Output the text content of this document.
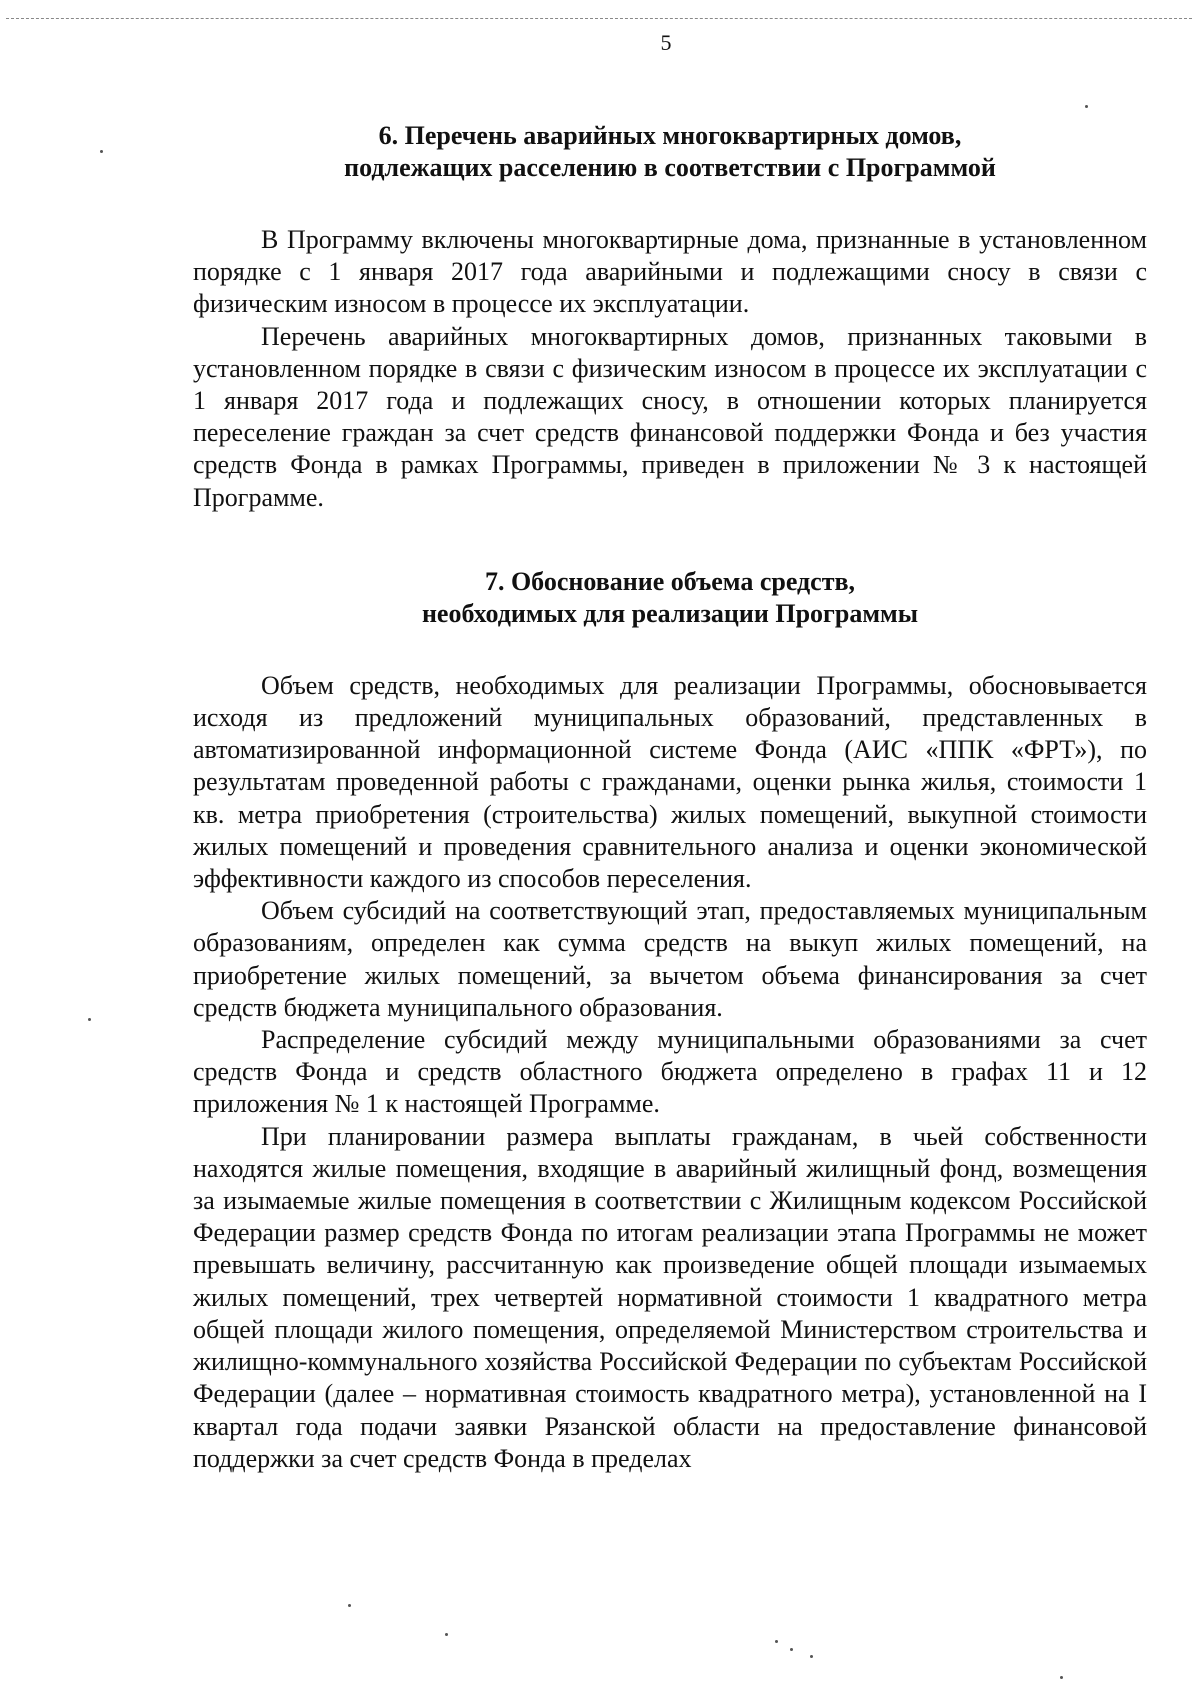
5
6. Перечень аварийных многоквартирных домов,
подлежащих расселению в соответствии с Программой

В Программу включены многоквартирные дома, признанные в установленном порядке с 1 января 2017 года аварийными и подлежащими сносу в связи с физическим износом в процессе их эксплуатации.

Перечень аварийных многоквартирных домов, признанных таковыми в установленном порядке в связи с физическим износом в процессе их эксплуатации с 1 января 2017 года и подлежащих сносу, в отношении которых планируется переселение граждан за счет средств финансовой поддержки Фонда и без участия средств Фонда в рамках Программы, приведен в приложении № 3 к настоящей Программе.

7. Обоснование объема средств,
необходимых для реализации Программы

Объем средств, необходимых для реализации Программы, обосновывается исходя из предложений муниципальных образований, представленных в автоматизированной информационной системе Фонда (АИС «ППК «ФРТ»), по результатам проведенной работы с гражданами, оценки рынка жилья, стоимости 1 кв. метра приобретения (строительства) жилых помещений, выкупной стоимости жилых помещений и проведения сравнительного анализа и оценки экономической эффективности каждого из способов переселения.

Объем субсидий на соответствующий этап, предоставляемых муниципальным образованиям, определен как сумма средств на выкуп жилых помещений, на приобретение жилых помещений, за вычетом объема финансирования за счет средств бюджета муниципального образования.

Распределение субсидий между муниципальными образованиями за счет средств Фонда и средств областного бюджета определено в графах 11 и 12 приложения № 1 к настоящей Программе.

При планировании размера выплаты гражданам, в чьей собственности находятся жилые помещения, входящие в аварийный жилищный фонд, возмещения за изымаемые жилые помещения в соответствии с Жилищным кодексом Российской Федерации размер средств Фонда по итогам реализации этапа Программы не может превышать величину, рассчитанную как произведение общей площади изымаемых жилых помещений, трех четвертей нормативной стоимости 1 квадратного метра общей площади жилого помещения, определяемой Министерством строительства и жилищно-коммунального хозяйства Российской Федерации по субъектам Российской Федерации (далее – нормативная стоимость квадратного метра), установленной на I квартал года подачи заявки Рязанской области на предоставление финансовой поддержки за счет средств Фонда в пределах
